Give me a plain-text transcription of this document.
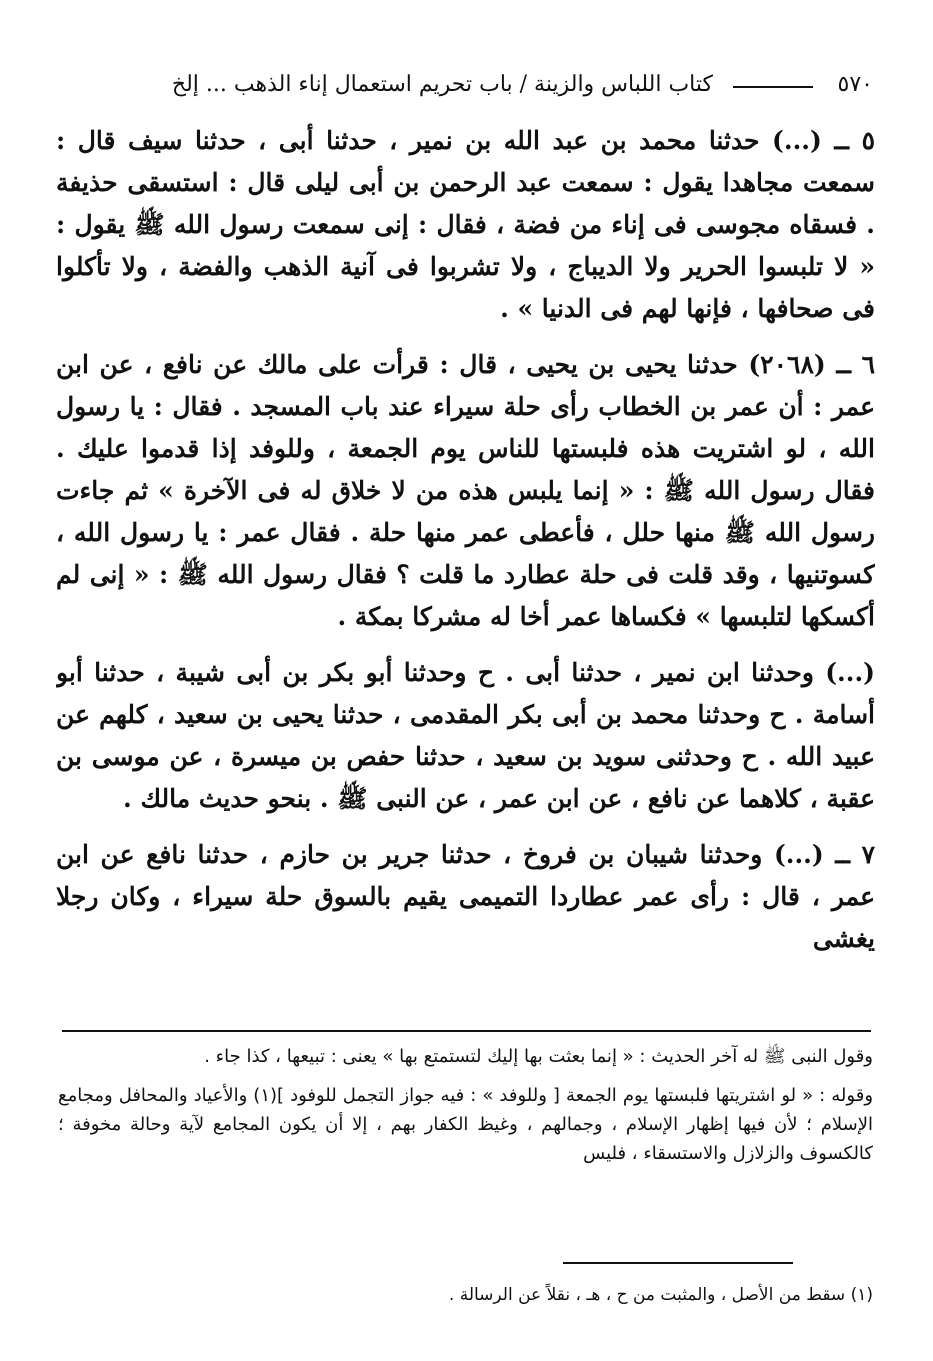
٥٧٠
كتاب اللباس والزينة / باب تحريم استعمال إناء الذهب ... إلخ

٥ ــ (...) حدثنا محمد بن عبد الله بن نمير ، حدثنا أبى ، حدثنا سيف قال : سمعت مجاهدا يقول : سمعت عبد الرحمن بن أبى ليلى قال : استسقى حذيفة . فسقاه مجوسى فى إناء من فضة ، فقال : إنى سمعت رسول الله ﷺ يقول : « لا تلبسوا الحرير ولا الديباج ، ولا تشربوا فى آنية الذهب والفضة ، ولا تأكلوا فى صحافها ، فإنها لهم فى الدنيا » .

٦ ــ (٢٠٦٨) حدثنا يحيى بن يحيى ، قال : قرأت على مالك عن نافع ، عن ابن عمر : أن عمر بن الخطاب رأى حلة سيراء عند باب المسجد . فقال : يا رسول الله ، لو اشتريت هذه فلبستها للناس يوم الجمعة ، وللوفد إذا قدموا عليك . فقال رسول الله ﷺ : « إنما يلبس هذه من لا خلاق له فى الآخرة » ثم جاءت رسول الله ﷺ منها حلل ، فأعطى عمر منها حلة . فقال عمر : يا رسول الله ، كسوتنيها ، وقد قلت فى حلة عطارد ما قلت ؟ فقال رسول الله ﷺ : « إنى لم أكسكها لتلبسها » فكساها عمر أخا له مشركا بمكة .

(...) وحدثنا ابن نمير ، حدثنا أبى . ح وحدثنا أبو بكر بن أبى شيبة ، حدثنا أبو أسامة . ح وحدثنا محمد بن أبى بكر المقدمى ، حدثنا يحيى بن سعيد ، كلهم عن عبيد الله . ح وحدثنى سويد بن سعيد ، حدثنا حفص بن ميسرة ، عن موسى بن عقبة ، كلاهما عن نافع ، عن ابن عمر ، عن النبى ﷺ . بنحو حديث مالك .

٧ ــ (...) وحدثنا شيبان بن فروخ ، حدثنا جرير بن حازم ، حدثنا نافع عن ابن عمر ، قال : رأى عمر عطاردا التميمى يقيم بالسوق حلة سيراء ، وكان رجلا يغشى

وقول النبى ﷺ له آخر الحديث : « إنما بعثت بها إليك لتستمتع بها » يعنى : تبيعها ، كذا جاء .

وقوله : « لو اشتريتها فلبستها يوم الجمعة [ وللوفد » : فيه جواز التجمل للوفود ](١) والأعياد والمحافل ومجامع الإسلام ؛ لأن فيها إظهار الإسلام ، وجمالهم ، وغيظ الكفار بهم ، إلا أن يكون المجامع لآية وحالة مخوفة ؛ كالكسوف والزلازل والاستسقاء ، فليس

(١) سقط من الأصل ، والمثبت من ح ، هـ ، نقلاً عن الرسالة .
